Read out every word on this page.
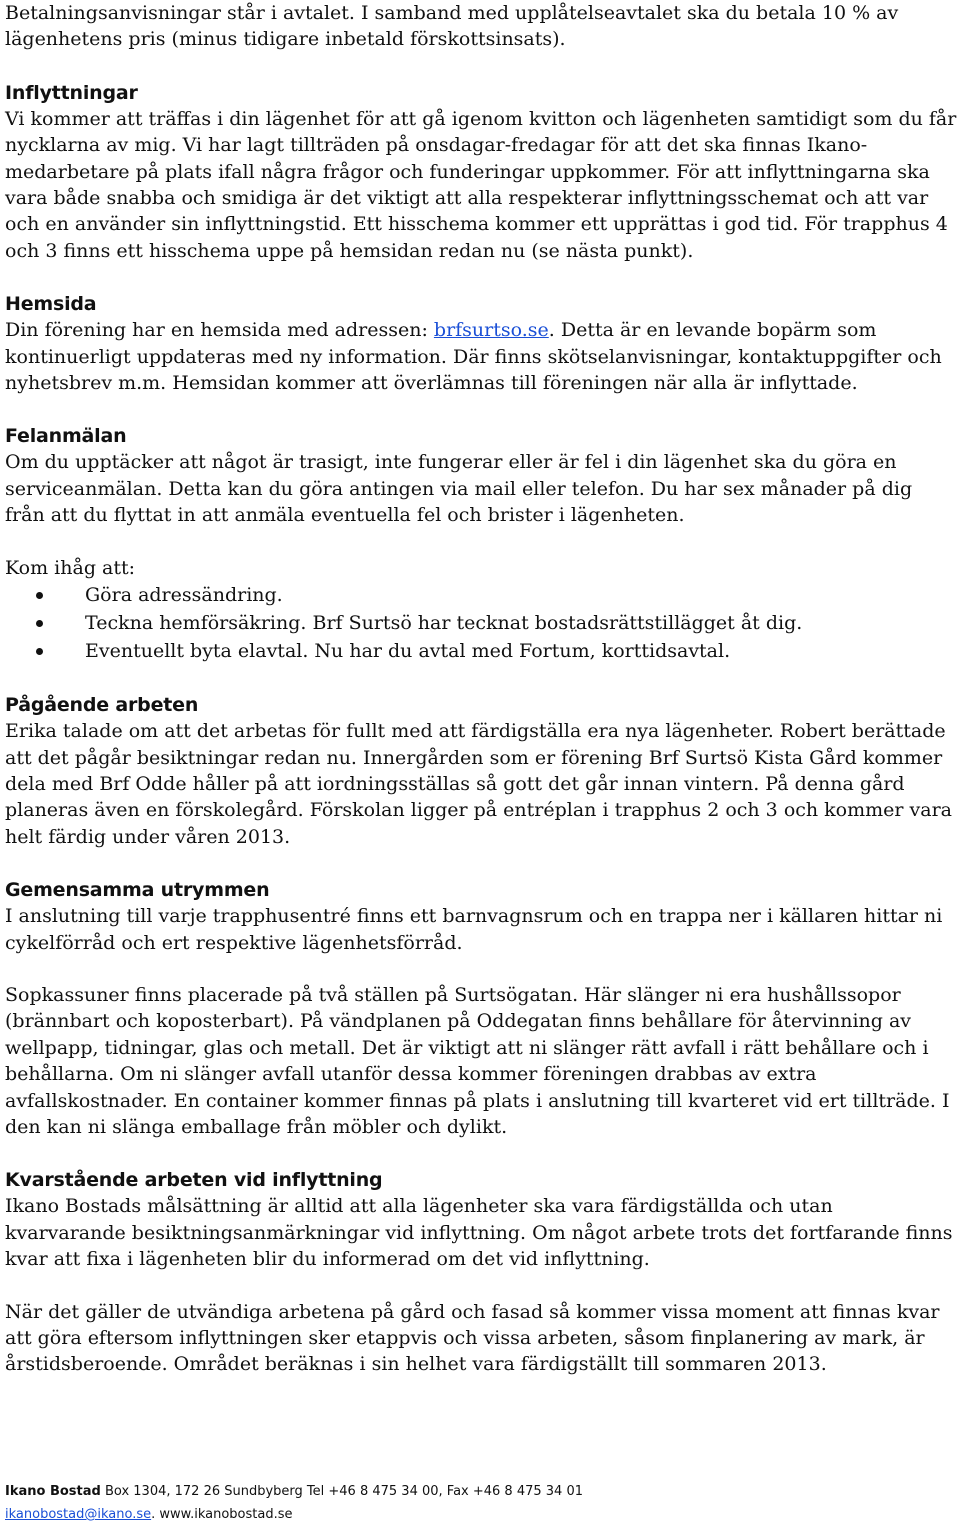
Betalningsanvisningar står i avtalet. I samband med upplåtelseavtalet ska du betala 10 % av lägenhetens pris (minus tidigare inbetald förskottsinsats).

Inflyttningar

Vi kommer att träffas i din lägenhet för att gå igenom kvitton och lägenheten samtidigt som du får nycklarna av mig. Vi har lagt tillträden på onsdagar-fredagar för att det ska finnas Ikano-medarbetare på plats ifall några frågor och funderingar uppkommer. För att inflyttningarna ska vara både snabba och smidiga är det viktigt att alla respekterar inflyttningsschemat och att var och en använder sin inflyttningstid. Ett hisschema kommer ett upprättas i god tid. För trapphus 4 och 3 finns ett hisschema uppe på hemsidan redan nu (se nästa punkt).

Hemsida

Din förening har en hemsida med adressen: brfsurtso.se. Detta är en levande bopärm som kontinuerligt uppdateras med ny information. Där finns skötselanvisningar, kontaktuppgifter och nyhetsbrev m.m. Hemsidan kommer att överlämnas till föreningen när alla är inflyttade.

Felanmälan

Om du upptäcker att något är trasigt, inte fungerar eller är fel i din lägenhet ska du göra en serviceanmälan. Detta kan du göra antingen via mail eller telefon. Du har sex månader på dig från att du flyttat in att anmäla eventuella fel och brister i lägenheten.

Kom ihåg att:

Göra adressändring.
Teckna hemförsäkring. Brf Surtsö har tecknat bostadsrättstillägget åt dig.
Eventuellt byta elavtal. Nu har du avtal med Fortum, korttidsavtal.
Pågående arbeten

Erika talade om att det arbetas för fullt med att färdigställa era nya lägenheter. Robert berättade att det pågår besiktningar redan nu. Innergården som er förening Brf Surtsö Kista Gård kommer dela med Brf Odde håller på att iordningsställas så gott det går innan vintern. På denna gård planeras även en förskolegård. Förskolan ligger på entréplan i trapphus 2 och 3 och kommer vara helt färdig under våren 2013.

Gemensamma utrymmen

I anslutning till varje trapphusentré finns ett barnvagnsrum och en trappa ner i källaren hittar ni cykelförråd och ert respektive lägenhetsförråd.

Sopkassuner finns placerade på två ställen på Surtsögatan. Här slänger ni era hushållssopor (brännbart och koposterbart). På vändplanen på Oddegatan finns behållare för återvinning av wellpapp, tidningar, glas och metall. Det är viktigt att ni slänger rätt avfall i rätt behållare och i behållarna. Om ni slänger avfall utanför dessa kommer föreningen drabbas av extra avfallskostnader. En container kommer finnas på plats i anslutning till kvarteret vid ert tillträde. I den kan ni slänga emballage från möbler och dylikt.

Kvarstående arbeten vid inflyttning

Ikano Bostads målsättning är alltid att alla lägenheter ska vara färdigställda och utan kvarvarande besiktningsanmärkningar vid inflyttning. Om något arbete trots det fortfarande finns kvar att fixa i lägenheten blir du informerad om det vid inflyttning.

När det gäller de utvändiga arbetena på gård och fasad så kommer vissa moment att finnas kvar att göra eftersom inflyttningen sker etappvis och vissa arbeten, såsom finplanering av mark, är årstidsberoende. Området beräknas i sin helhet vara färdigställt till sommaren 2013.

Ikano Bostad Box 1304, 172 26 Sundbyberg Tel +46 8 475 34 00, Fax +46 8 475 34 01
ikanobostad@ikano.se. www.ikanobostad.se
